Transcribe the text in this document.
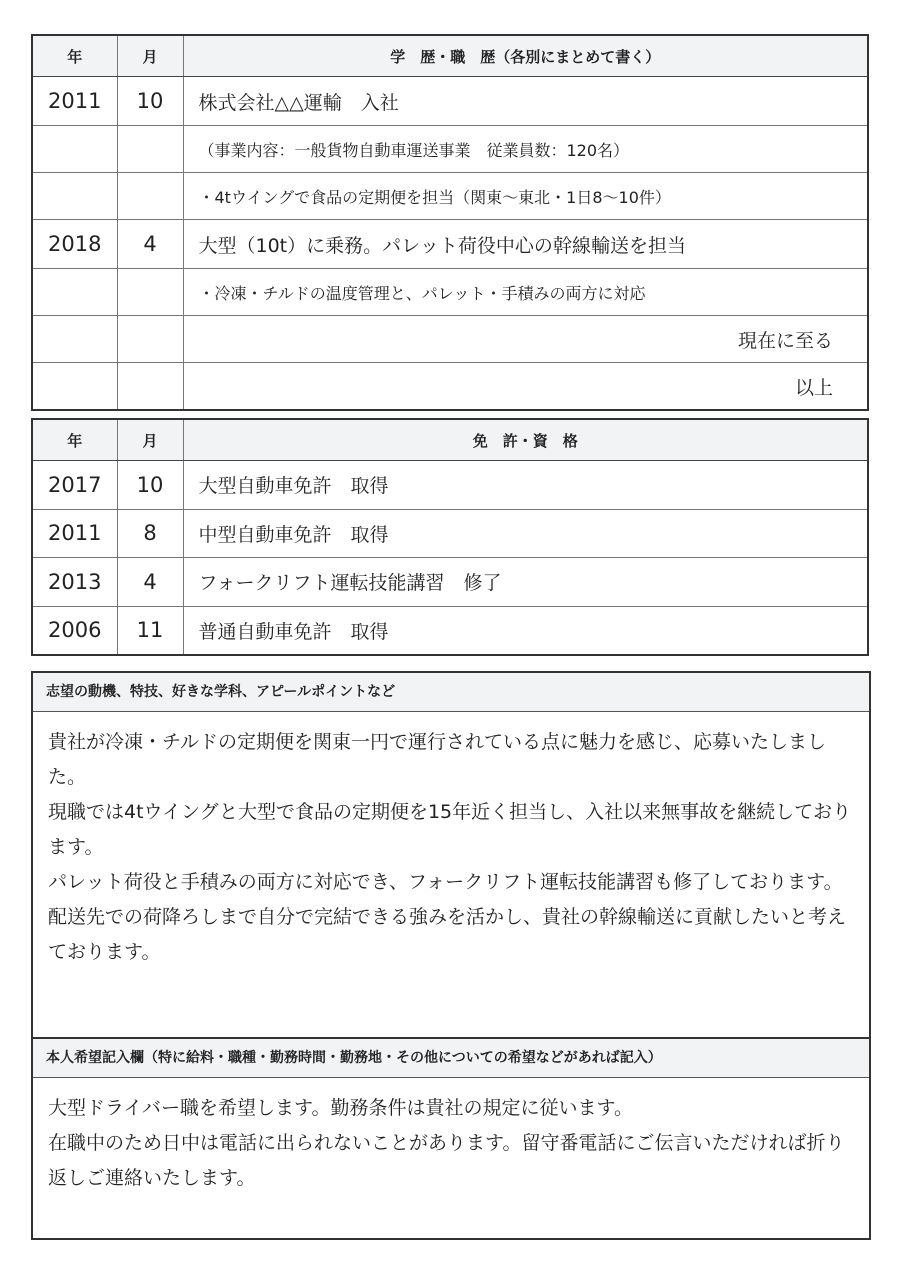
年	月	学　歴・職　歴（各別にまとめて書く）
2011	10	株式会社△△運輸　入社
		（事業内容：一般貨物自動車運送事業　従業員数：120名）
		・4tウイングで食品の定期便を担当（関東〜東北・1日8〜10件）
2018	4	大型（10t）に乗務。パレット荷役中心の幹線輸送を担当
		・冷凍・チルドの温度管理と、パレット・手積みの両方に対応
		現在に至る
		以上
年	月	免　許・資　格
2017	10	大型自動車免許　取得
2011	8	中型自動車免許　取得
2013	4	フォークリフト運転技能講習　修了
2006	11	普通自動車免許　取得
志望の動機、特技、好きな学科、アピールポイントなど

貴社が冷凍・チルドの定期便を関東一円で運行されている点に魅力を感じ、応募いたしました。

現職では4tウイングと大型で食品の定期便を15年近く担当し、入社以来無事故を継続しております。

パレット荷役と手積みの両方に対応でき、フォークリフト運転技能講習も修了しております。

配送先での荷降ろしまで自分で完結できる強みを活かし、貴社の幹線輸送に貢献したいと考えております。

本人希望記入欄（特に給料・職種・勤務時間・勤務地・その他についての希望などがあれば記入）

大型ドライバー職を希望します。勤務条件は貴社の規定に従います。

在職中のため日中は電話に出られないことがあります。留守番電話にご伝言いただければ折り返しご連絡いたします。
